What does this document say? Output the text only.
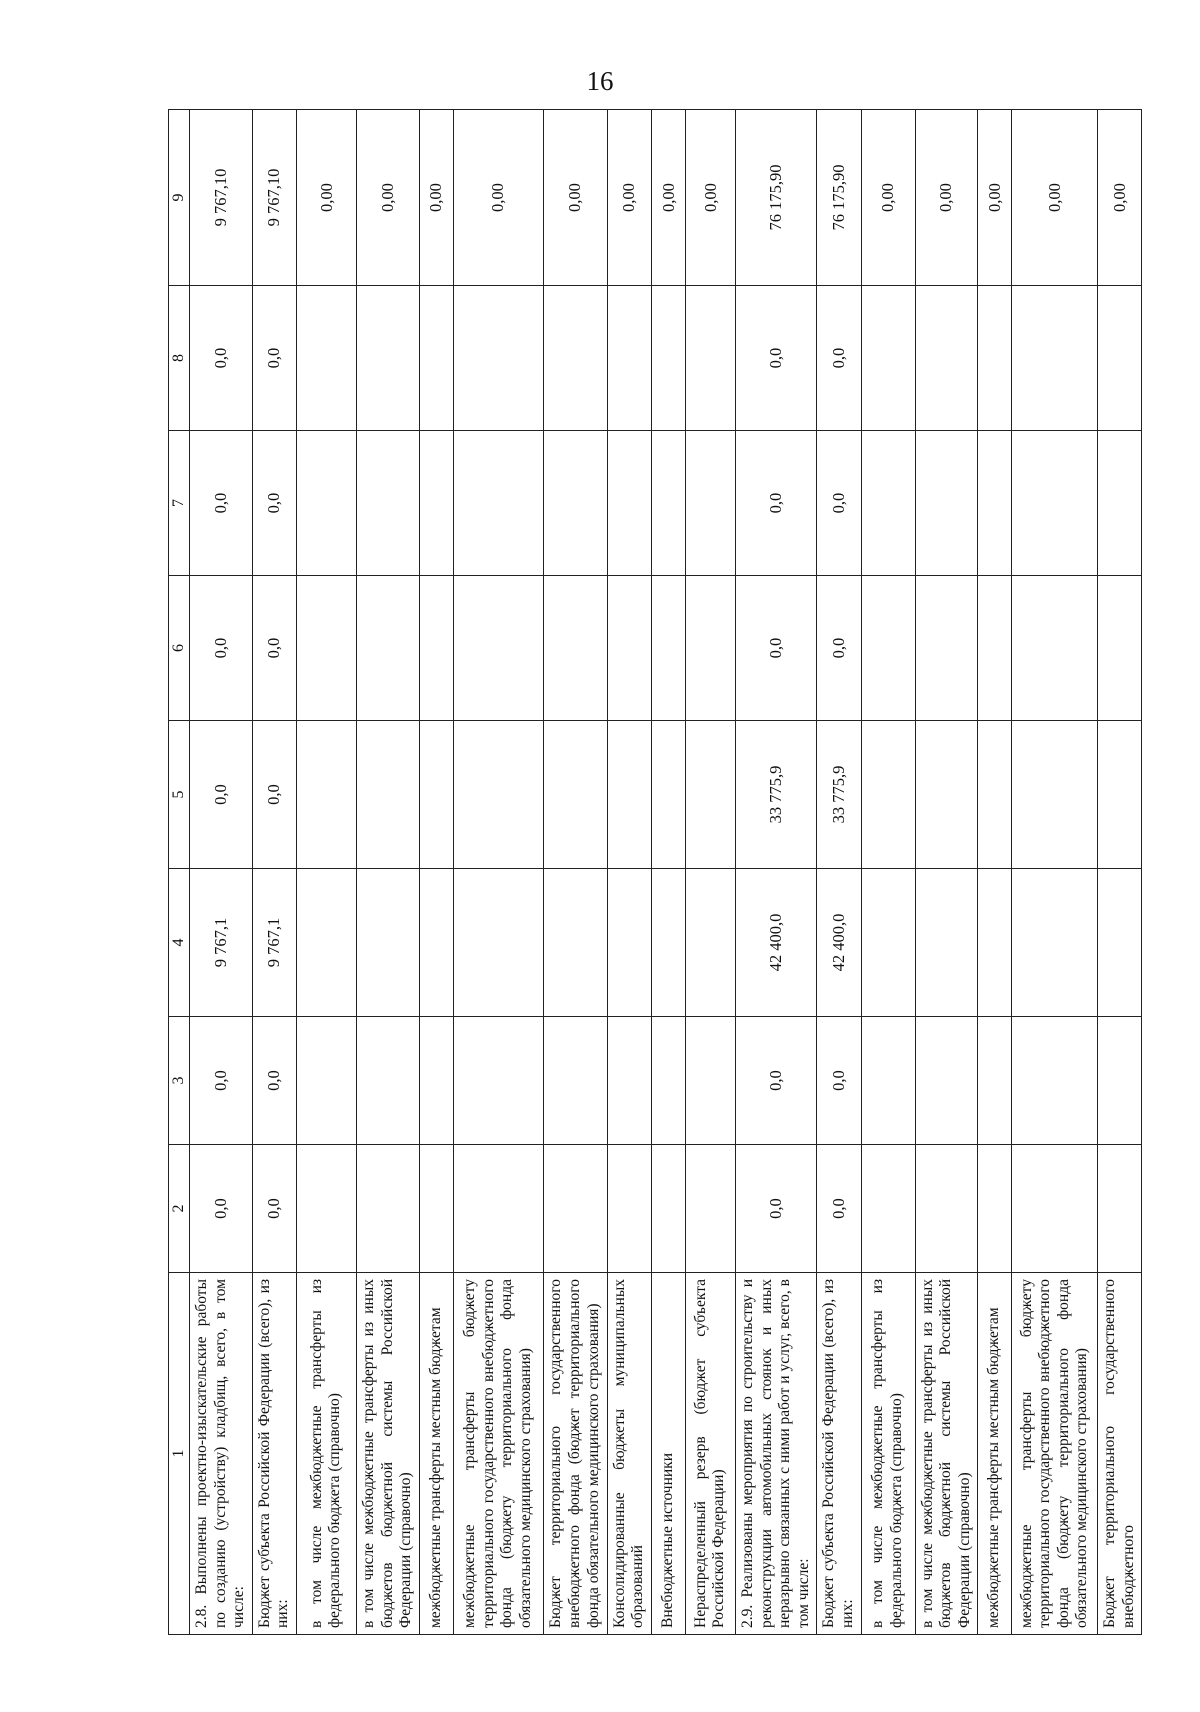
16
1	2	3	4	5	6	7	8	9
2.8. Выполнены проектно-изыскательские работы по созданию (устройству) кладбищ, всего, в том числе:	0,0	0,0	9 767,1	0,0	0,0	0,0	0,0	9 767,10
Бюджет субъекта Российской Федерации (всего), из них:	0,0	0,0	9 767,1	0,0	0,0	0,0	0,0	9 767,10
в том числе межбюджетные трансферты из федерального бюджета (справочно)								0,00
в том числе межбюджетные трансферты из иных бюджетов бюджетной системы Российской Федерации (справочно)								0,00
межбюджетные трансферты местным бюджетам								0,00
межбюджетные трансферты бюджету территориального государственного внебюджетного фонда (бюджету территориального фонда обязательного медицинского страхования)								0,00
Бюджет территориального государственного внебюджетного фонда (бюджет территориального фонда обязательного медицинского страхования)								0,00
Консолидированные бюджеты муниципальных образований								0,00
Внебюджетные источники								0,00
Нераспределенный резерв (бюджет субъекта Российской Федерации)								0,00
2.9. Реализованы мероприятия по строительству и реконструкции автомобильных стоянок и иных неразрывно связанных с ними работ и услуг, всего, в том числе:	0,0	0,0	42 400,0	33 775,9	0,0	0,0	0,0	76 175,90
Бюджет субъекта Российской Федерации (всего), из них:	0,0	0,0	42 400,0	33 775,9	0,0	0,0	0,0	76 175,90
в том числе межбюджетные трансферты из федерального бюджета (справочно)								0,00
в том числе межбюджетные трансферты из иных бюджетов бюджетной системы Российской Федерации (справочно)								0,00
межбюджетные трансферты местным бюджетам								0,00
межбюджетные трансферты бюджету территориального государственного внебюджетного фонда (бюджету территориального фонда обязательного медицинского страхования)								0,00
Бюджет территориального государственного внебюджетного								0,00
